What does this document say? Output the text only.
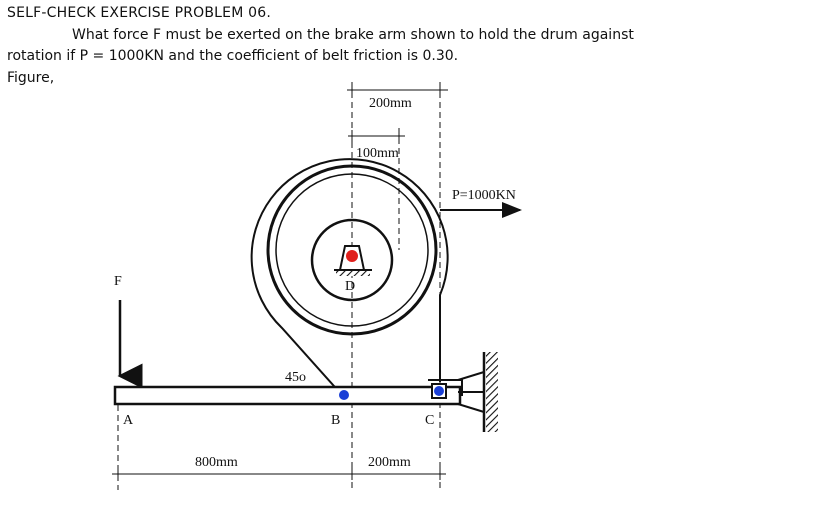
SELF-CHECK EXERCISE PROBLEM 06.
What force F must be exerted on the brake arm shown to hold the drum against
rotation if P = 1000KN and the coefficient of belt friction is 0.30.
Figure,
200mm
100mm
D
P=1000KN
F
45o
A	B	C
800mm	200mm
